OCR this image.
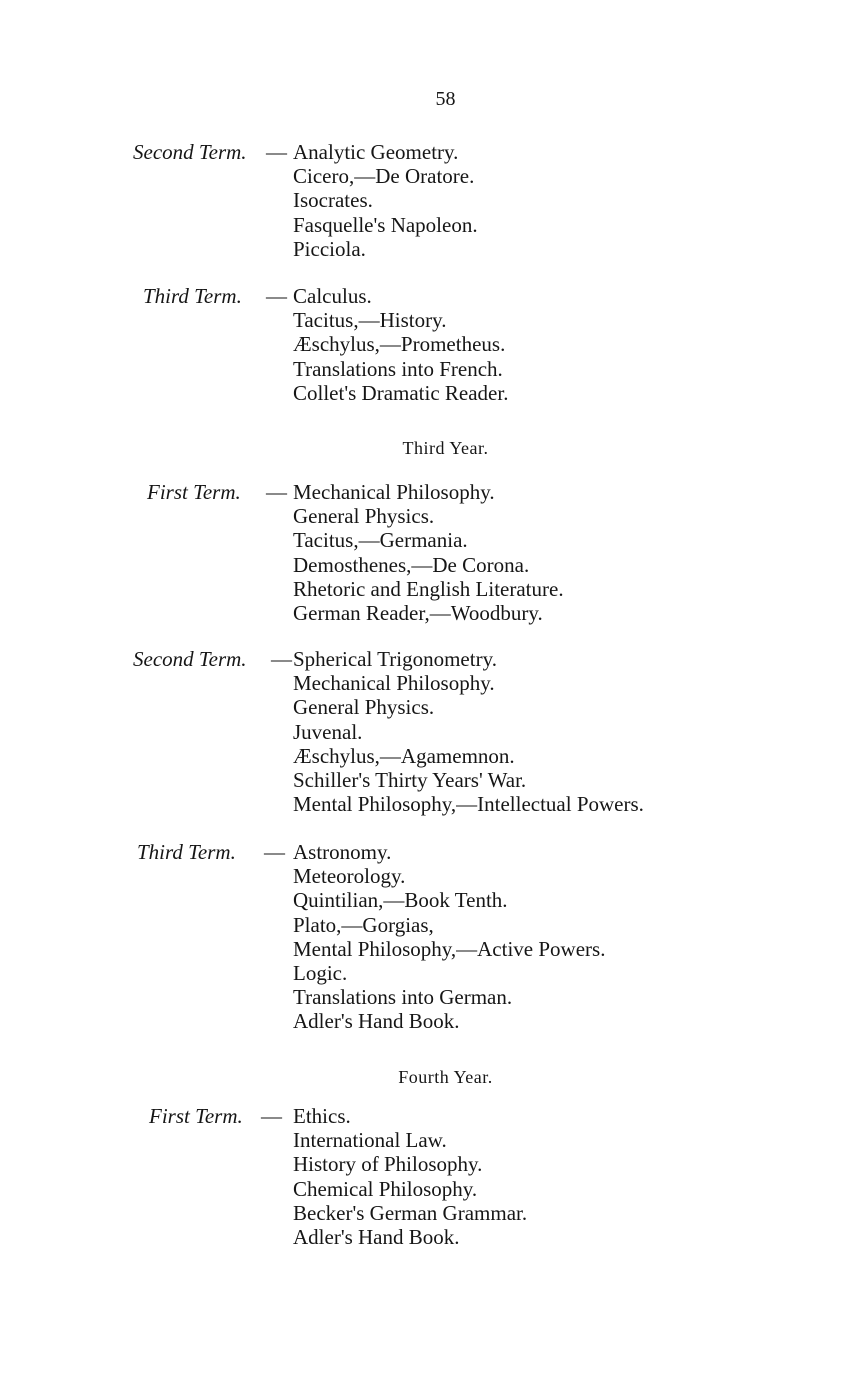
58
Second Term. — Analytic Geometry.
Cicero,—De Oratore.
Isocrates.
Fasquelle's Napoleon.
Picciola.
Third Term. — Calculus.
Tacitus,—History.
Æschylus,—Prometheus.
Translations into French.
Collet's Dramatic Reader.
Third Year.
First Term. — Mechanical Philosophy.
General Physics.
Tacitus,—Germania.
Demosthenes,—De Corona.
Rhetoric and English Literature.
German Reader,—Woodbury.
Second Term. — Spherical Trigonometry.
Mechanical Philosophy.
General Physics.
Juvenal.
Æschylus,—Agamemnon.
Schiller's Thirty Years' War.
Mental Philosophy,—Intellectual Powers.
Third Term. — Astronomy.
Meteorology.
Quintilian,—Book Tenth.
Plato,—Gorgias,
Mental Philosophy,—Active Powers.
Logic.
Translations into German.
Adler's Hand Book.
Fourth Year.
First Term. — Ethics.
International Law.
History of Philosophy.
Chemical Philosophy.
Becker's German Grammar.
Adler's Hand Book.
